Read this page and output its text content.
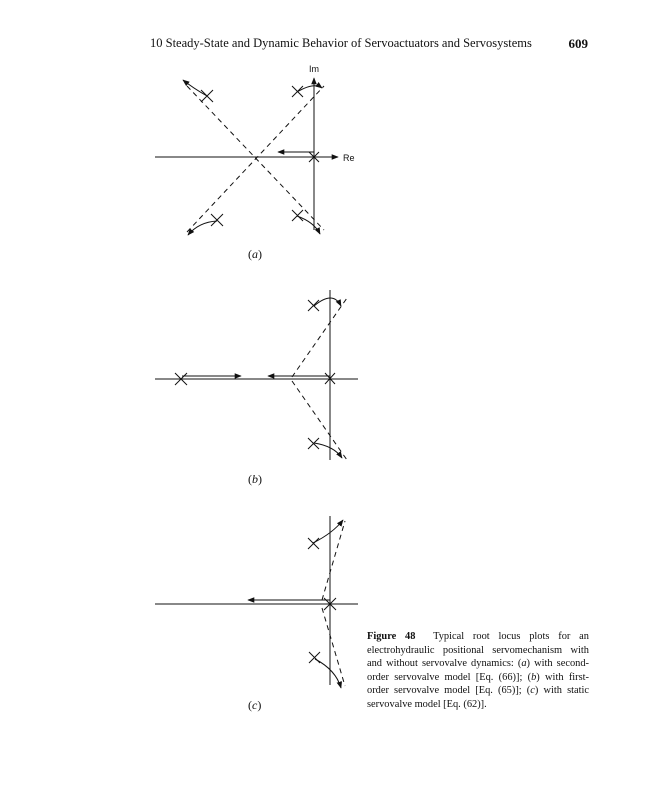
10 Steady-State and Dynamic Behavior of Servoactuators and Servosystems	609
Im
Re
(a)
(b)
(c)
Figure 48 Typical root locus plots for an electrohydraulic positional servomechanism with and without servovalve dynamics: (a) with second-order servovalve model [Eq. (66)]; (b) with first-order servovalve model [Eq. (65)]; (c) with static servovalve model [Eq. (62)].
